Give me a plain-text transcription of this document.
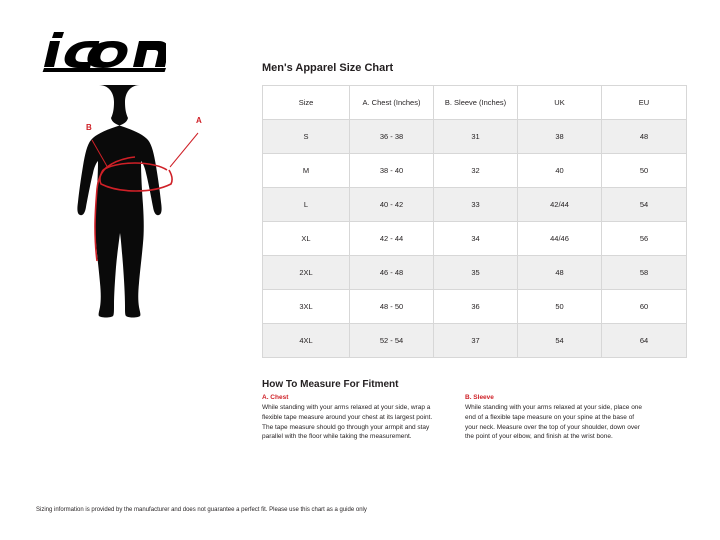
A
B
Men's Apparel Size Chart
Size	A. Chest (Inches)	B. Sleeve (Inches)	UK	EU
S	36 - 38	31	38	48
M	38 - 40	32	40	50
L	40 - 42	33	42/44	54
XL	42 - 44	34	44/46	56
2XL	46 - 48	35	48	58
3XL	48 - 50	36	50	60
4XL	52 - 54	37	54	64
How To Measure For Fitment
A. Chest
While standing with your arms relaxed at your side, wrap a flexible tape measure around your chest at its largest point. The tape measure should go through your armpit and stay parallel with the floor while taking the measurement.
B. Sleeve
While standing with your arms relaxed at your side, place one end of a flexible tape measure on your spine at the base of your neck. Measure over the top of your shoulder, down over the point of your elbow, and finish at the wrist bone.
Sizing information is provided by the manufacturer and does not guarantee a perfect fit. Please use this chart as a guide only
